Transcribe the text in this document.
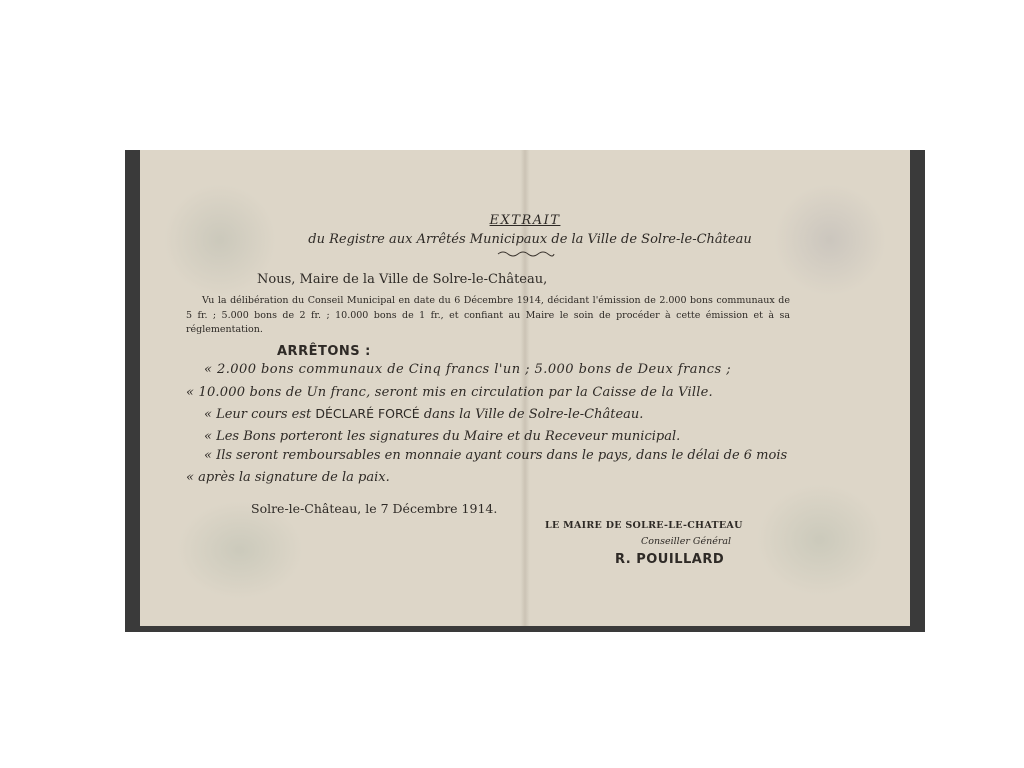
EXTRAIT
du Registre aux Arrêtés Municipaux de la Ville de Solre-le-Château
Nous, Maire de la Ville de Solre-le-Château,
Vu la délibération du Conseil Municipal en date du 6 Décembre 1914, décidant l'émission de 2.000 bons communaux de 5 fr. ; 5.000 bons de 2 fr. ; 10.000 bons de 1 fr., et confiant au Maire le soin de procéder à cette émission et à sa réglementation.
ARRÊTONS :
« 2.000 bons communaux de Cinq francs l'un ; 5.000 bons de Deux francs ;
« 10.000 bons de Un franc, seront mis en circulation par la Caisse de la Ville.
« Leur cours est DÉCLARÉ FORCÉ dans la Ville de Solre-le-Château.
« Les Bons porteront les signatures du Maire et du Receveur municipal.
« Ils seront remboursables en monnaie ayant cours dans le pays, dans le délai de 6 mois
« après la signature de la paix.
Solre-le-Château, le 7 Décembre 1914.
LE MAIRE DE SOLRE-LE-CHATEAU
Conseiller Général
R. POUILLARD
